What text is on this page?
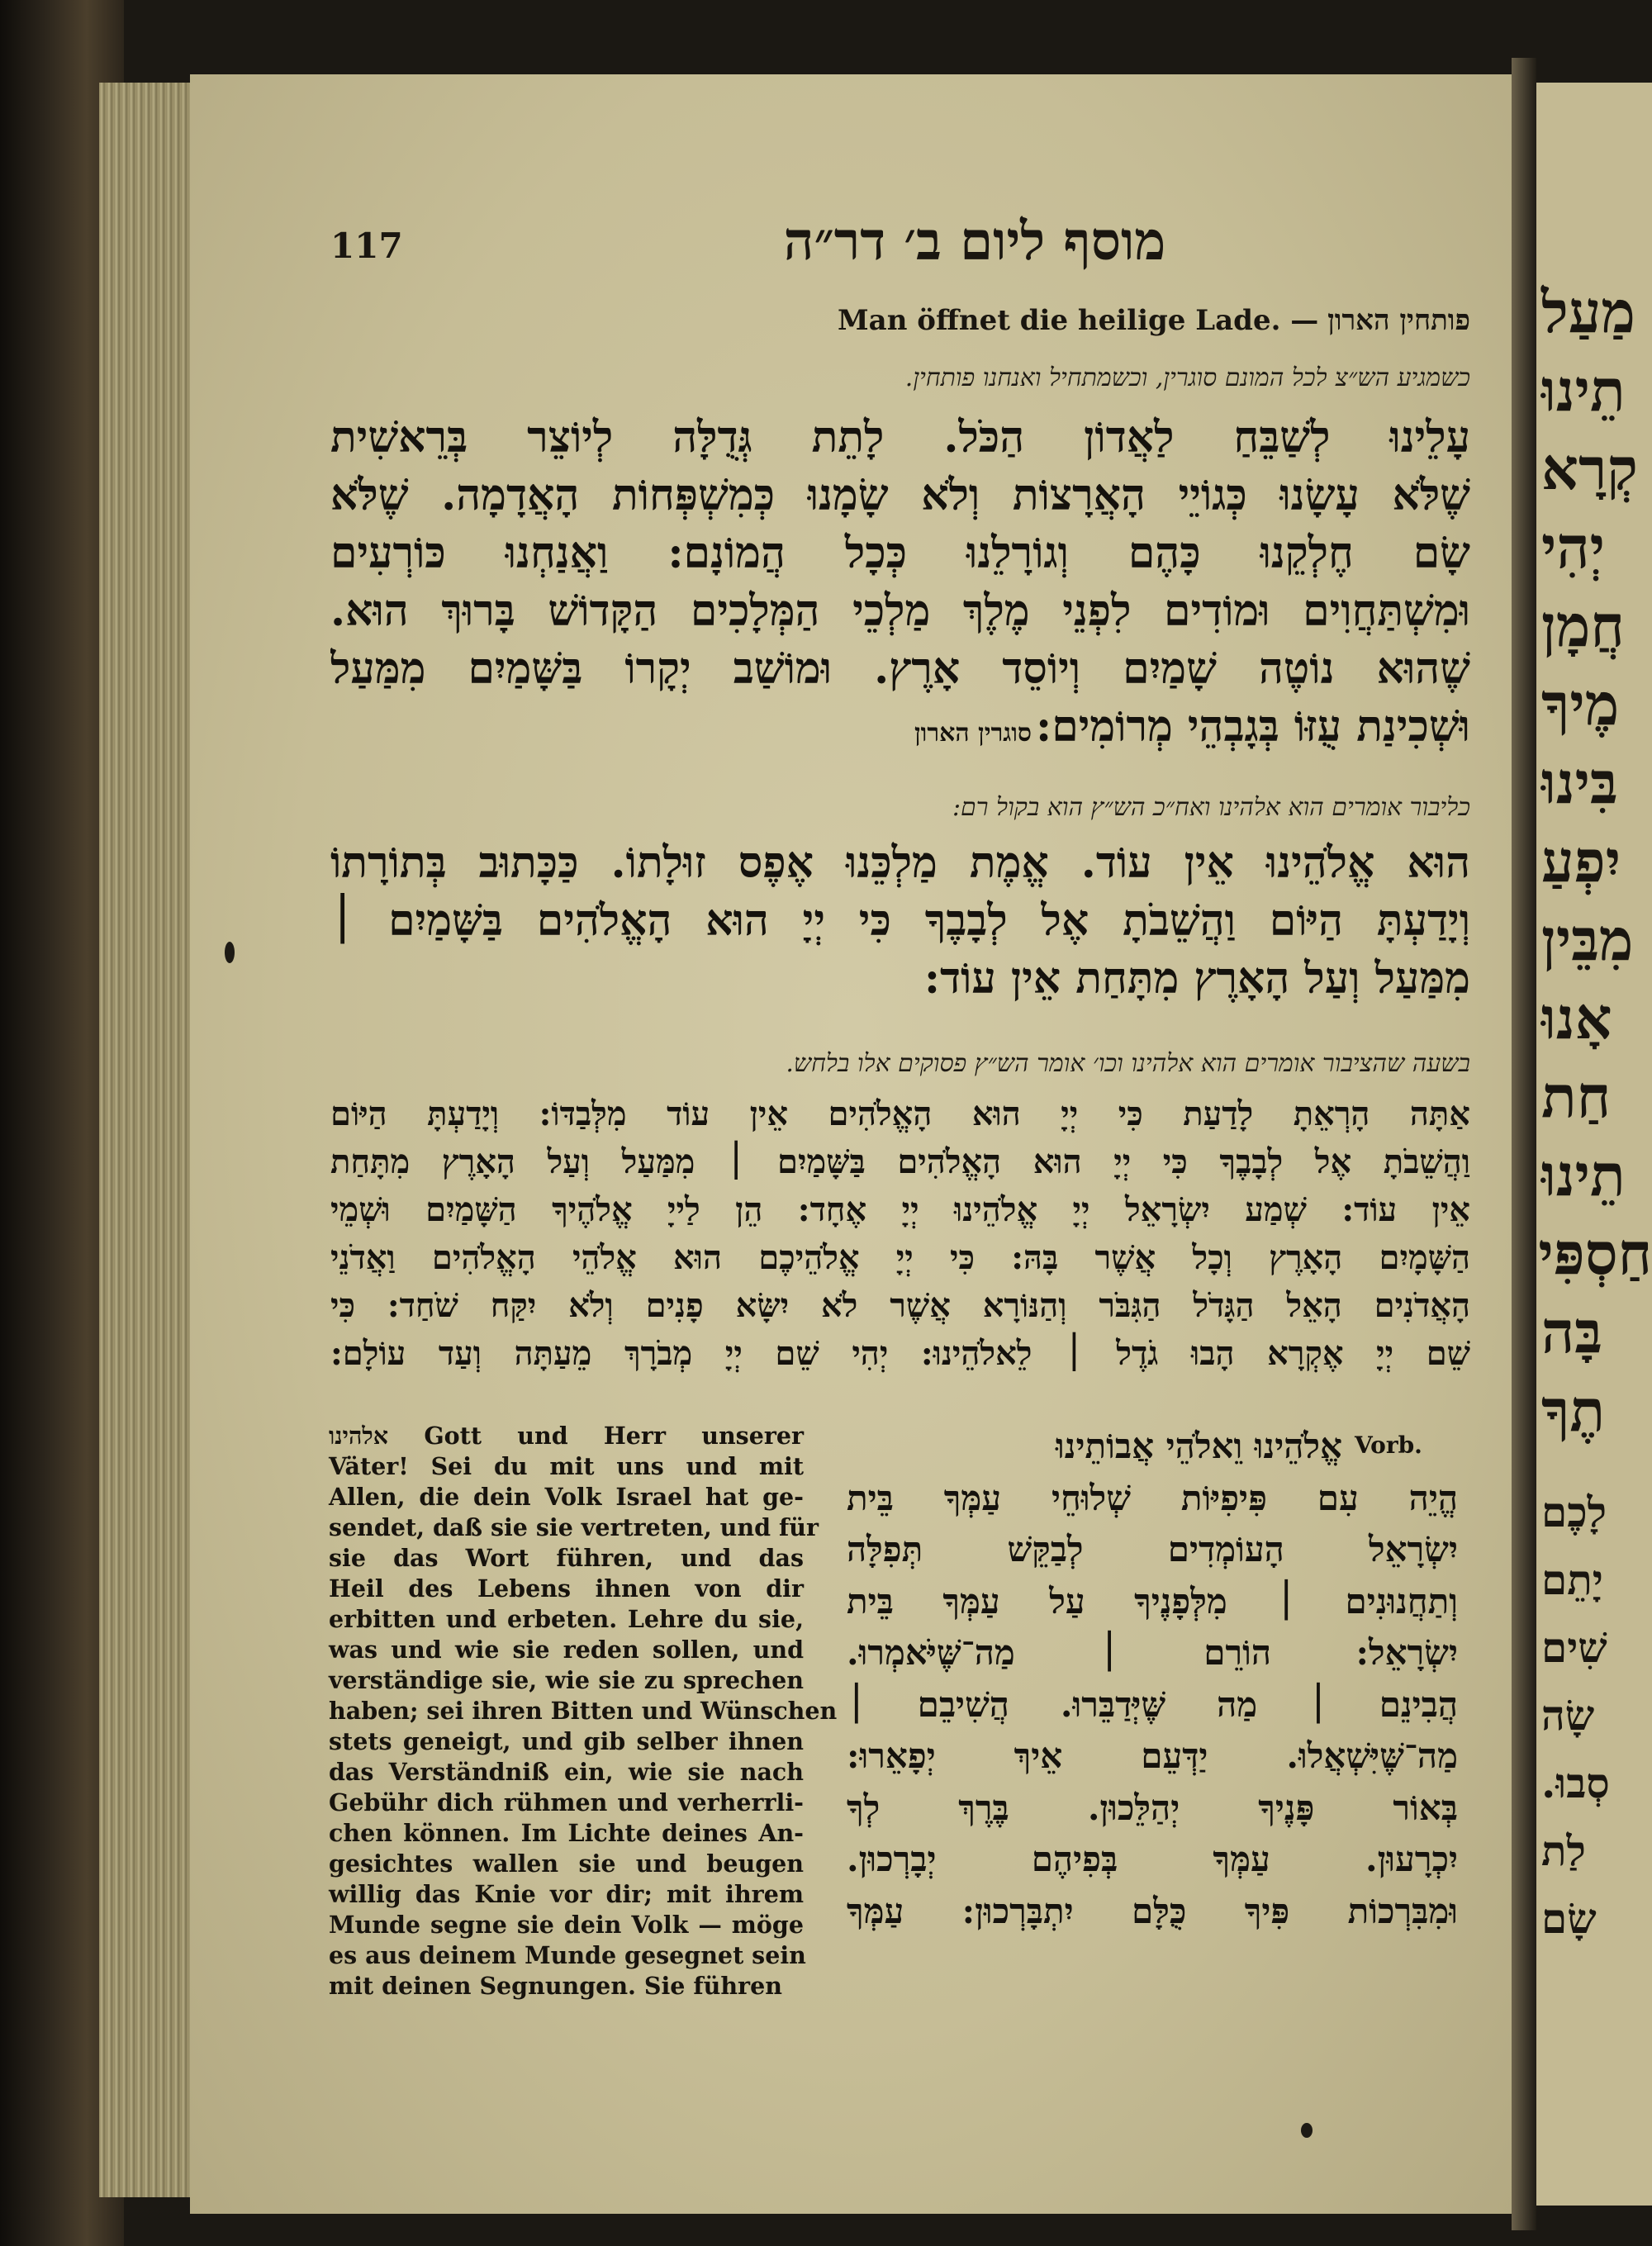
מַעַל
תֵינוּ
קְרָא
יְהִי
חֲמָן
מֶיךָ
בִּינוּ
יִפְעַ
מִבֵּין
אָנוּ
חַת
תֵינוּ
חַסְפִּי
בָּה
תֶךָ
לָכֶם
יָתֵם
שִׁים
שָׂה
סְבוּ.
לַת
שָׂם
117	מוסף ליום ב׳ דר״ה
Man öffnet die heilige Lade. — פותחין הארון
כשמגיע הש״צ לכל המונם סוגרין, וכשמתחיל ואנחנו פותחין.
עָלֵינוּ לְשַׁבֵּחַ לַאֲדוֹן הַכֹּל. לָתֵת גְּדֻלָּה לְיוֹצֵר בְּרֵאשִׁית
שֶׁלֹּא עָשָׂנוּ כְּגוֹיֵי הָאֲרָצוֹת וְלֹא שָׂמָנוּ כְּמִשְׁפְּחוֹת הָאֲדָמָה. שֶׁלֹּא
שָׂם חֶלְקֵנוּ כָּהֶם וְגוֹרָלֵנוּ כְּכָל הֲמוֹנָם: וַאֲנַחְנוּ כּוֹרְעִים
וּמִשְׁתַּחֲוִים וּמוֹדִים לִפְנֵי מֶלֶךְ מַלְכֵי הַמְּלָכִים הַקָּדוֹשׁ בָּרוּךְ הוּא.
שֶׁהוּא נוֹטֶה שָׁמַיִם וְיוֹסֵד אָרֶץ. וּמוֹשַׁב יְקָרוֹ בַּשָּׁמַיִם מִמַּעַל
וּשְׁכִינַת עֻזּוֹ בְּגָבְהֵי מְרוֹמִים: סוגרין הארון
כליבור אומרים הוא אלהינו ואח״כ הש״ץ הוא בקול רם:
הוּא אֱלֹהֵינוּ אֵין עוֹד. אֱמֶת מַלְכֵּנוּ אֶפֶס זוּלָתוֹ. כַּכָּתוּב בְּתוֹרָתוֹ
וְיָדַעְתָּ הַיּוֹם וַהֲשֵׁבֹתָ אֶל לְבָבֶךָ כִּי יְיָ הוּא הָאֱלֹהִים בַּשָּׁמַיִם ׀
מִמַּעַל וְעַל הָאָרֶץ מִתָּחַת אֵין עוֹד:
בשעה שהציבור אומרים הוא אלהינו וכו׳ אומר הש״ץ פסוקים אלו בלחש.
אַתָּה הָרְאֵתָ לָדַעַת כִּי יְיָ הוּא הָאֱלֹהִים אֵין עוֹד מִלְּבַדּוֹ: וְיָדַעְתָּ הַיּוֹם
וַהֲשֵׁבֹתָ אֶל לְבָבֶךָ כִּי יְיָ הוּא הָאֱלֹהִים בַּשָּׁמַיִם ׀ מִמַּעַל וְעַל הָאָרֶץ מִתָּחַת
אֵין עוֹד: שְׁמַע יִשְׂרָאֵל יְיָ אֱלֹהֵינוּ יְיָ אֶחָד: הֵן לַייָ אֱלֹהֶיךָ הַשָּׁמַיִם וּשְׁמֵי
הַשָּׁמָיִם הָאָרֶץ וְכָל אֲשֶׁר בָּהּ: כִּי יְיָ אֱלֹהֵיכֶם הוּא אֱלֹהֵי הָאֱלֹהִים וַאֲדֹנֵי
הָאֲדֹנִים הָאֵל הַגָּדֹל הַגִּבֹּר וְהַנּוֹרָא אֲשֶׁר לֹא יִשָּׂא פָנִים וְלֹא יִקַּח שֹׁחַד: כִּי
שֵׁם יְיָ אֶקְרָא הָבוּ גֹדֶל ׀ לֵאלֹהֵינוּ: יְהִי שֵׁם יְיָ מְבֹרָךְ מֵעַתָּה וְעַד עוֹלָם:
אלהינו Gott und Herr unserer
Väter! Sei du mit uns und mit
Allen, die dein Volk Israel hat ge-
sendet, daß sie sie vertreten, und für
sie das Wort führen, und das
Heil des Lebens ihnen von dir
erbitten und erbeten. Lehre du sie,
was und wie sie reden sollen, und
verständige sie, wie sie zu sprechen
haben; sei ihren Bitten und Wünschen
stets geneigt, und gib selber ihnen
das Verständniß ein, wie sie nach
Gebühr dich rühmen und verherrli-
chen können. Im Lichte deines An-
gesichtes wallen sie und beugen
willig das Knie vor dir; mit ihrem
Munde segne sie dein Volk — möge
es aus deinem Munde gesegnet sein
mit deinen Segnungen. Sie führen
Vorb.
אֱלֹהֵינוּ וֵאלֹהֵי אֲבוֹתֵינוּ
הֱיֵה עִם פִּיפִיּוֹת שְׁלוּחֵי עַמְּךָ בֵּית
יִשְׂרָאֵל הָעוֹמְדִים לְבַקֵּשׁ תְּפִלָּה
וְתַחֲנוּנִים ׀ מִלְּפָנֶיךָ עַל עַמְּךָ בֵּית
יִשְׂרָאֵל: הוֹרֵם ׀ מַה־שֶּׁיֹּאמְרוּ.
הֲבִינֵם ׀ מַה שֶּׁיְּדַבֵּרוּ. הֲשִׁיבֵם ׀
מַה־שֶּׁיִּשְׁאֲלוּ. יַדְּעֵם אֵיךְ יְפָאֵרוּ:
בְּאוֹר פָּנֶיךָ יְהַלֵּכוּן. בֶּרֶךְ לְךָ
יִכְרָעוּן. עַמְּךָ בְּפִיהֶם יְבָרְכוּן.
וּמִבִּרְכוֹת פִּיךָ כֻּלָּם יִתְבָּרְכוּן: עַמְּךָ
